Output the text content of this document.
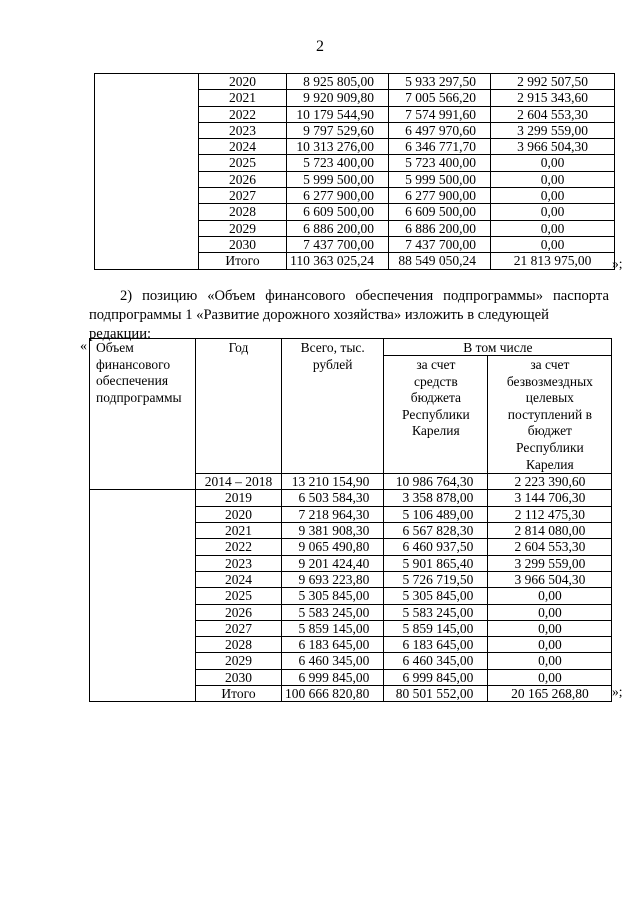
2
	2020	8 925 805,00	5 933 297,50	2 992 507,50
	2021	9 920 909,80	7 005 566,20	2 915 343,60
	2022	10 179 544,90	7 574 991,60	2 604 553,30
	2023	9 797 529,60	6 497 970,60	3 299 559,00
	2024	10 313 276,00	6 346 771,70	3 966 504,30
	2025	5 723 400,00	5 723 400,00	0,00
	2026	5 999 500,00	5 999 500,00	0,00
	2027	6 277 900,00	6 277 900,00	0,00
	2028	6 609 500,00	6 609 500,00	0,00
	2029	6 886 200,00	6 886 200,00	0,00
	2030	7 437 700,00	7 437 700,00	0,00
	Итого	110 363 025,24	88 549 050,24	21 813 975,00 »;
2) позицию «Объем финансового обеспечения подпрограммы» паспорта
подпрограммы 1 «Развитие дорожного хозяйства» изложить в следующей редакции:
« Объем финансового обеспечения подпрограммы	Год	Всего, тыс. рублей	В том числе	

			за счет средств бюджета Республики Карелия	за счет безвозмездных целевых поступлений в бюджет Республики Карелия

	2014 – 2018	13 210 154,90	10 986 764,30	2 223 390,60
	2019	6 503 584,30	3 358 878,00	3 144 706,30
	2020	7 218 964,30	5 106 489,00	2 112 475,30
	2021	9 381 908,30	6 567 828,30	2 814 080,00
	2022	9 065 490,80	6 460 937,50	2 604 553,30
	2023	9 201 424,40	5 901 865,40	3 299 559,00
	2024	9 693 223,80	5 726 719,50	3 966 504,30
	2025	5 305 845,00	5 305 845,00	0,00
	2026	5 583 245,00	5 583 245,00	0,00
	2027	5 859 145,00	5 859 145,00	0,00
	2028	6 183 645,00	6 183 645,00	0,00
	2029	6 460 345,00	6 460 345,00	0,00
	2030	6 999 845,00	6 999 845,00	0,00
	Итого	100 666 820,80	80 501 552,00	20 165 268,80 »;
